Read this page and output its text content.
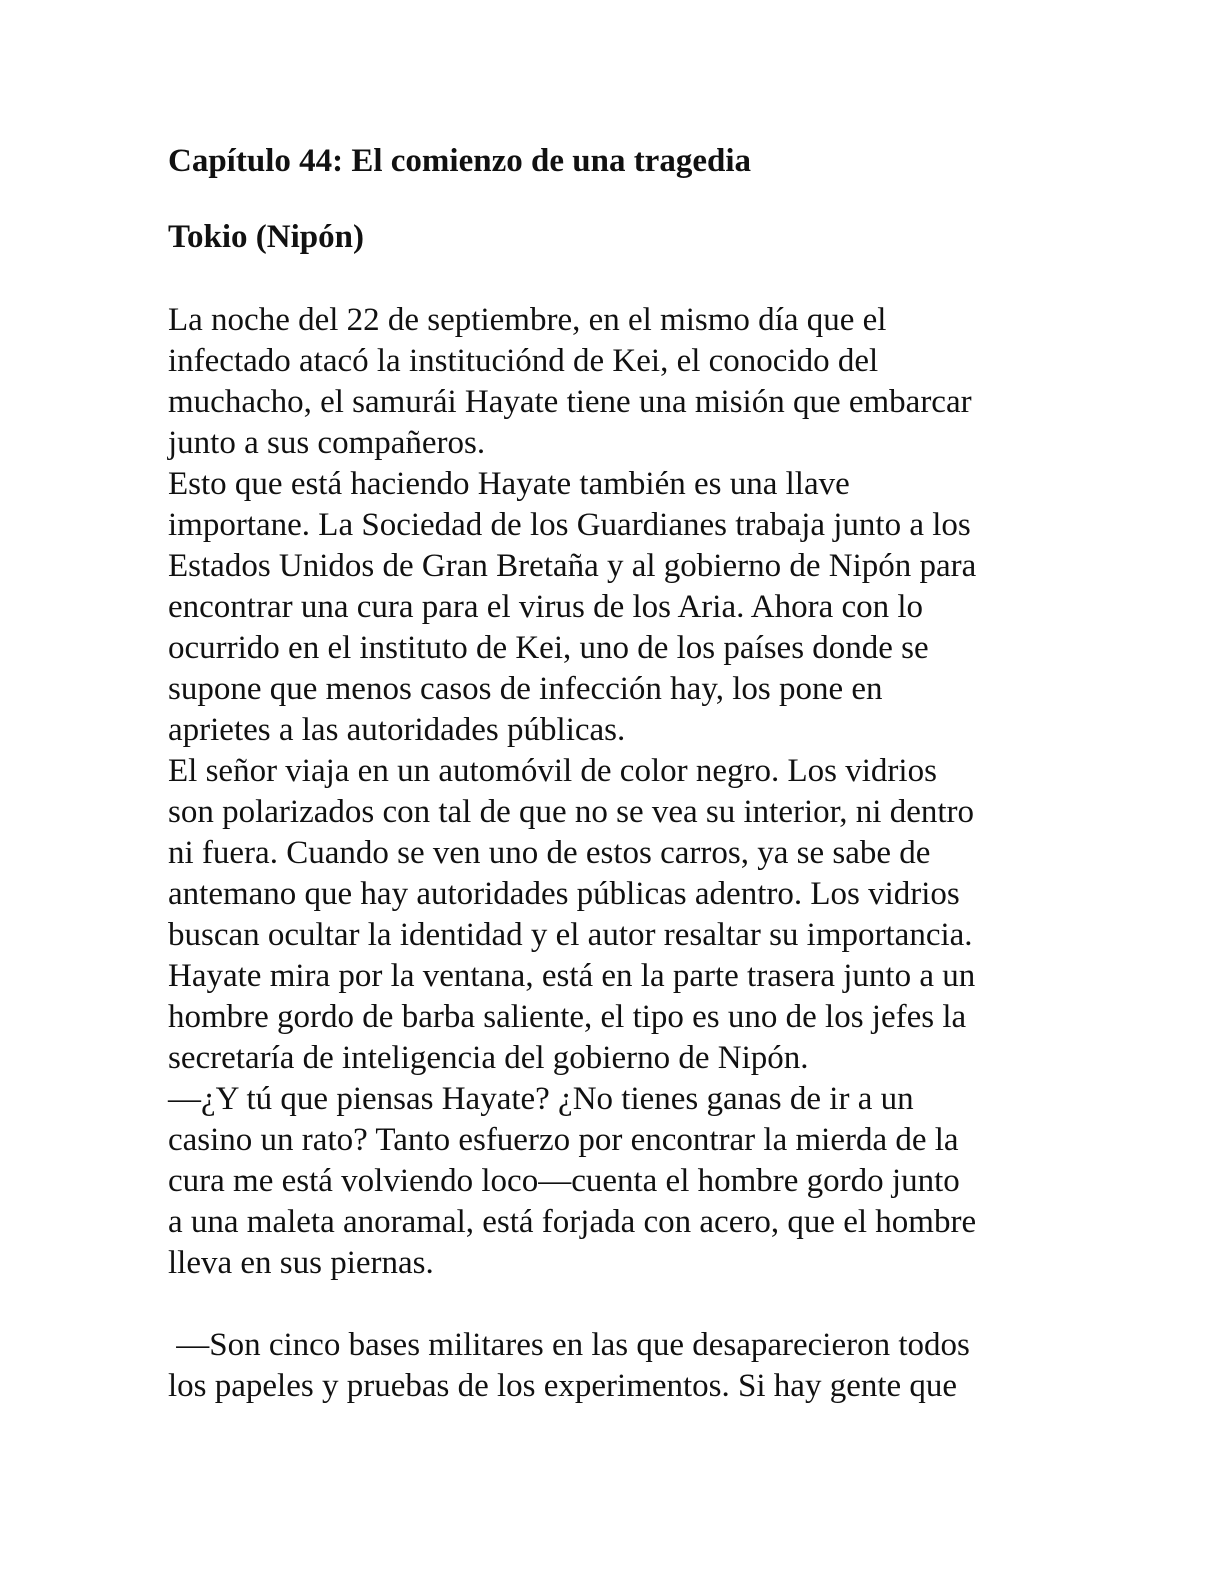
Capítulo 44: El comienzo de una tragedia
Tokio (Nipón)
La noche del 22 de septiembre, en el mismo día que el
infectado atacó la instituciónd de Kei, el conocido del
muchacho, el samurái Hayate tiene una misión que embarcar
junto a sus compañeros.
Esto que está haciendo Hayate también es una llave
importane. La Sociedad de los Guardianes trabaja junto a los
Estados Unidos de Gran Bretaña y al gobierno de Nipón para
encontrar una cura para el virus de los Aria. Ahora con lo
ocurrido en el instituto de Kei, uno de los países donde se
supone que menos casos de infección hay, los pone en
aprietes a las autoridades públicas.
El señor viaja en un automóvil de color negro. Los vidrios
son polarizados con tal de que no se vea su interior, ni dentro
ni fuera. Cuando se ven uno de estos carros, ya se sabe de
antemano que hay autoridades públicas adentro. Los vidrios
buscan ocultar la identidad y el autor resaltar su importancia.
Hayate mira por la ventana, está en la parte trasera junto a un
hombre gordo de barba saliente, el tipo es uno de los jefes la
secretaría de inteligencia del gobierno de Nipón.
—¿Y tú que piensas Hayate? ¿No tienes ganas de ir a un
casino un rato? Tanto esfuerzo por encontrar la mierda de la
cura me está volviendo loco—cuenta el hombre gordo junto
a una maleta anoramal, está forjada con acero, que el hombre
lleva en sus piernas.
—Son cinco bases militares en las que desaparecieron todos
los papeles y pruebas de los experimentos. Si hay gente que
